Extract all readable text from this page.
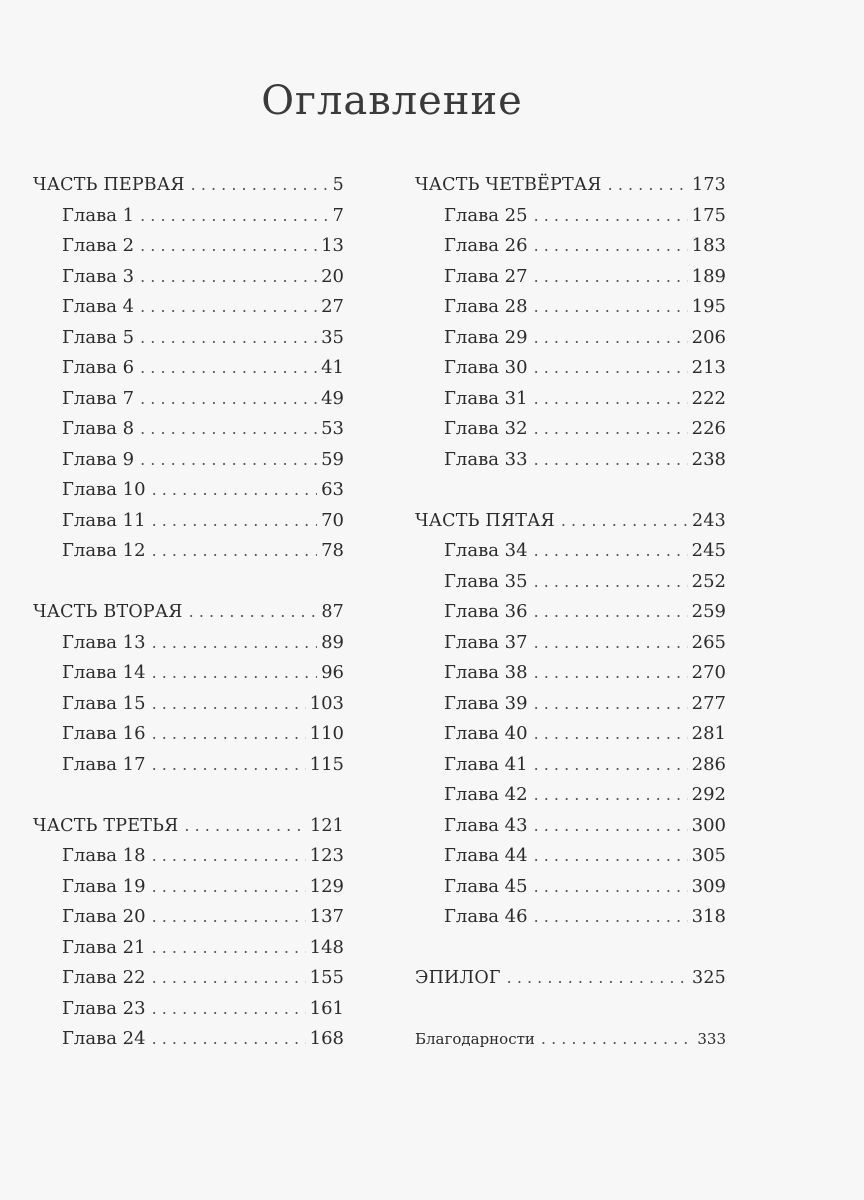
Оглавление
ЧАСТЬ ПЕРВАЯ . . .	5
Глава 1 . . .	7
Глава 2 . . .	13
Глава 3 . . .	20
Глава 4 . . .	27
Глава 5 . . .	35
Глава 6 . . .	41
Глава 7 . . .	49
Глава 8 . . .	53
Глава 9 . . .	59
Глава 10 . . .	63
Глава 11 . . .	70
Глава 12 . . .	78
ЧАСТЬ ВТОРАЯ . . .	87
Глава 13 . . .	89
Глава 14 . . .	96
Глава 15 . . .	103
Глава 16 . . .	110
Глава 17 . . .	115
ЧАСТЬ ТРЕТЬЯ . . .	121
Глава 18 . . .	123
Глава 19 . . .	129
Глава 20 . . .	137
Глава 21 . . .	148
Глава 22 . . .	155
Глава 23 . . .	161
Глава 24 . . .	168
ЧАСТЬ ЧЕТВЁРТАЯ . . .	173
Глава 25 . . .	175
Глава 26 . . .	183
Глава 27 . . .	189
Глава 28 . . .	195
Глава 29 . . .	206
Глава 30 . . .	213
Глава 31 . . .	222
Глава 32 . . .	226
Глава 33 . . .	238
ЧАСТЬ ПЯТАЯ . . .	243
Глава 34 . . .	245
Глава 35 . . .	252
Глава 36 . . .	259
Глава 37 . . .	265
Глава 38 . . .	270
Глава 39 . . .	277
Глава 40 . . .	281
Глава 41 . . .	286
Глава 42 . . .	292
Глава 43 . . .	300
Глава 44 . . .	305
Глава 45 . . .	309
Глава 46 . . .	318
ЭПИЛОГ . . .	325
Благодарности . . .	333
